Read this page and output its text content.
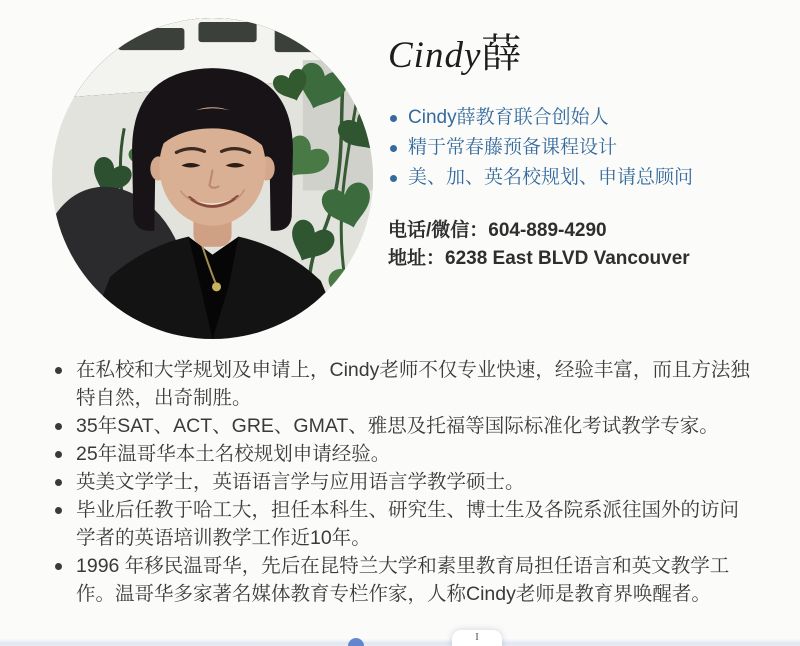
Cindy薛
Cindy薛教育联合创始人
精于常春藤预备课程设计
美、加、英名校规划、申请总顾问
电话/微信：604-889-4290
地址：6238 East BLVD Vancouver
在私校和大学规划及申请上，Cindy老师不仅专业快速，经验丰富，而且方法独特自然，出奇制胜。
35年SAT、ACT、GRE、GMAT、雅思及托福等国际标准化考试教学专家。
25年温哥华本土名校规划申请经验。
英美文学学士，英语语言学与应用语言学教学硕士。
毕业后任教于哈工大，担任本科生、研究生、博士生及各院系派往国外的访问学者的英语培训教学工作近10年。
1996 年移民温哥华，先后在昆特兰大学和素里教育局担任语言和英文教学工作。温哥华多家著名媒体教育专栏作家，人称Cindy老师是教育界唤醒者。
I
